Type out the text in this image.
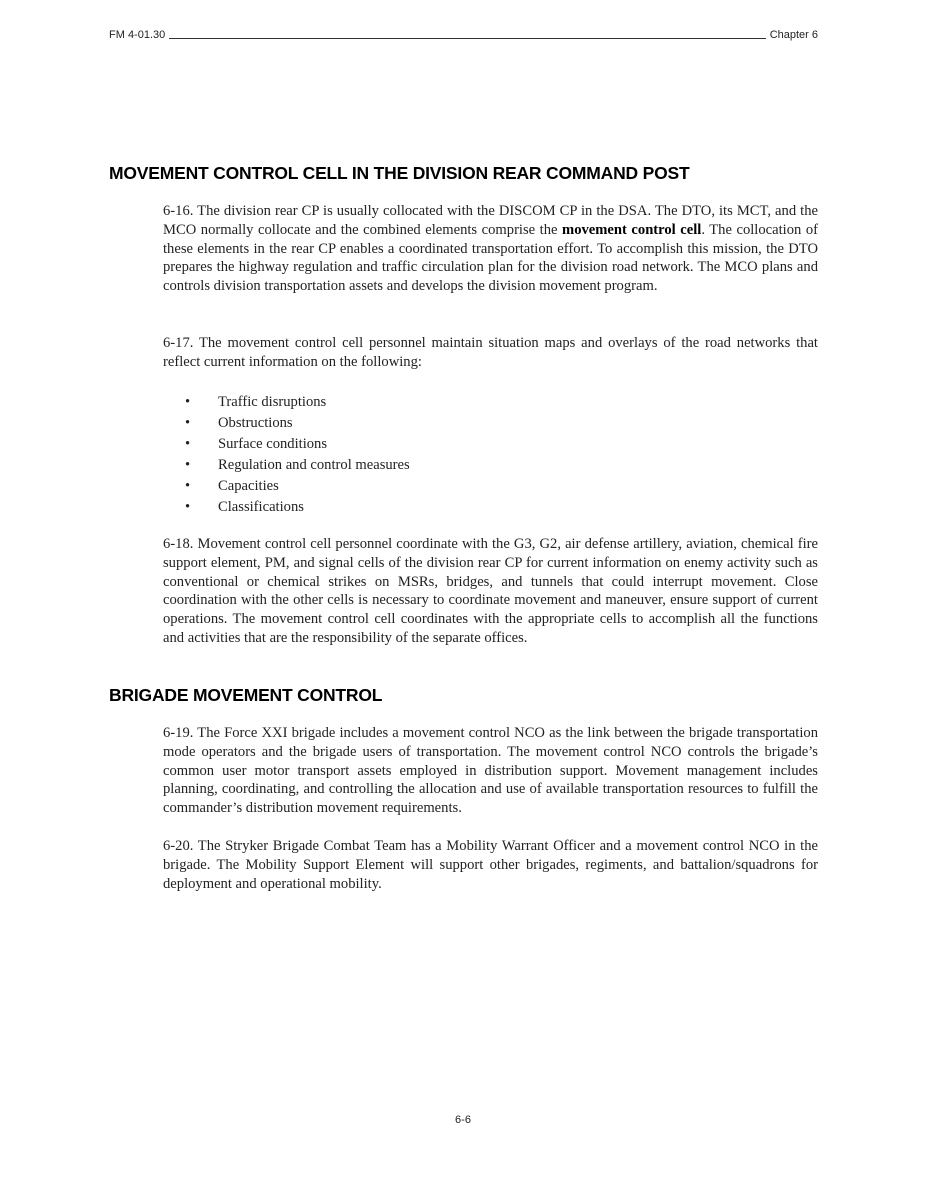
FM 4-01.30	Chapter 6
MOVEMENT CONTROL CELL IN THE DIVISION REAR COMMAND POST

6-16. The division rear CP is usually collocated with the DISCOM CP in the DSA. The DTO, its MCT, and the MCO normally collocate and the combined elements comprise the movement control cell. The collocation of these elements in the rear CP enables a coordinated transportation effort. To accomplish this mission, the DTO prepares the highway regulation and traffic circulation plan for the division road network. The MCO plans and controls division transportation assets and develops the division movement program.

6-17. The movement control cell personnel maintain situation maps and overlays of the road networks that reflect current information on the following:

•	Traffic disruptions
•	Obstructions
•	Surface conditions
•	Regulation and control measures
•	Capacities
•	Classifications

6-18. Movement control cell personnel coordinate with the G3, G2, air defense artillery, aviation, chemical fire support element, PM, and signal cells of the division rear CP for current information on enemy activity such as conventional or chemical strikes on MSRs, bridges, and tunnels that could interrupt movement. Close coordination with the other cells is necessary to coordinate movement and maneuver, ensure support of current operations. The movement control cell coordinates with the appropriate cells to accomplish all the functions and activities that are the responsibility of the separate offices.

BRIGADE MOVEMENT CONTROL

6-19. The Force XXI brigade includes a movement control NCO as the link between the brigade transportation mode operators and the brigade users of transportation. The movement control NCO controls the brigade’s common user motor transport assets employed in distribution support. Movement management includes planning, coordinating, and controlling the allocation and use of available transportation resources to fulfill the commander’s distribution movement requirements.

6-20. The Stryker Brigade Combat Team has a Mobility Warrant Officer and a movement control NCO in the brigade. The Mobility Support Element will support other brigades, regiments, and battalion/squadrons for deployment and operational mobility.

6-6
